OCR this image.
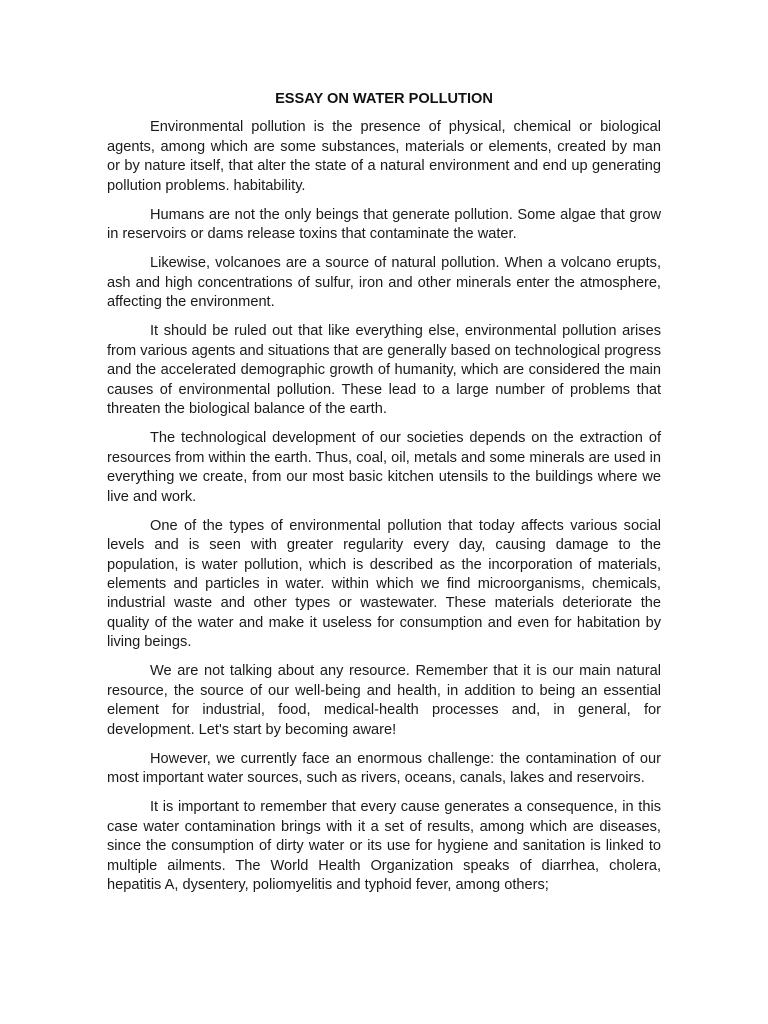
ESSAY ON WATER POLLUTION

Environmental pollution is the presence of physical, chemical or biological agents, among which are some substances, materials or elements, created by man or by nature itself, that alter the state of a natural environment and end up generating pollution problems. habitability.

Humans are not the only beings that generate pollution. Some algae that grow in reservoirs or dams release toxins that contaminate the water.

Likewise, volcanoes are a source of natural pollution. When a volcano erupts, ash and high concentrations of sulfur, iron and other minerals enter the atmosphere, affecting the environment.

It should be ruled out that like everything else, environmental pollution arises from various agents and situations that are generally based on technological progress and the accelerated demographic growth of humanity, which are considered the main causes of environmental pollution. These lead to a large number of problems that threaten the biological balance of the earth.

The technological development of our societies depends on the extraction of resources from within the earth. Thus, coal, oil, metals and some minerals are used in everything we create, from our most basic kitchen utensils to the buildings where we live and work.

One of the types of environmental pollution that today affects various social levels and is seen with greater regularity every day, causing damage to the population, is water pollution, which is described as the incorporation of materials, elements and particles in water. within which we find microorganisms, chemicals, industrial waste and other types or wastewater. These materials deteriorate the quality of the water and make it useless for consumption and even for habitation by living beings.

We are not talking about any resource. Remember that it is our main natural resource, the source of our well-being and health, in addition to being an essential element for industrial, food, medical-health processes and, in general, for development. Let's start by becoming aware!

However, we currently face an enormous challenge: the contamination of our most important water sources, such as rivers, oceans, canals, lakes and reservoirs.

It is important to remember that every cause generates a consequence, in this case water contamination brings with it a set of results, among which are diseases, since the consumption of dirty water or its use for hygiene and sanitation is linked to multiple ailments. The World Health Organization speaks of diarrhea, cholera, hepatitis A, dysentery, poliomyelitis and typhoid fever, among others;
